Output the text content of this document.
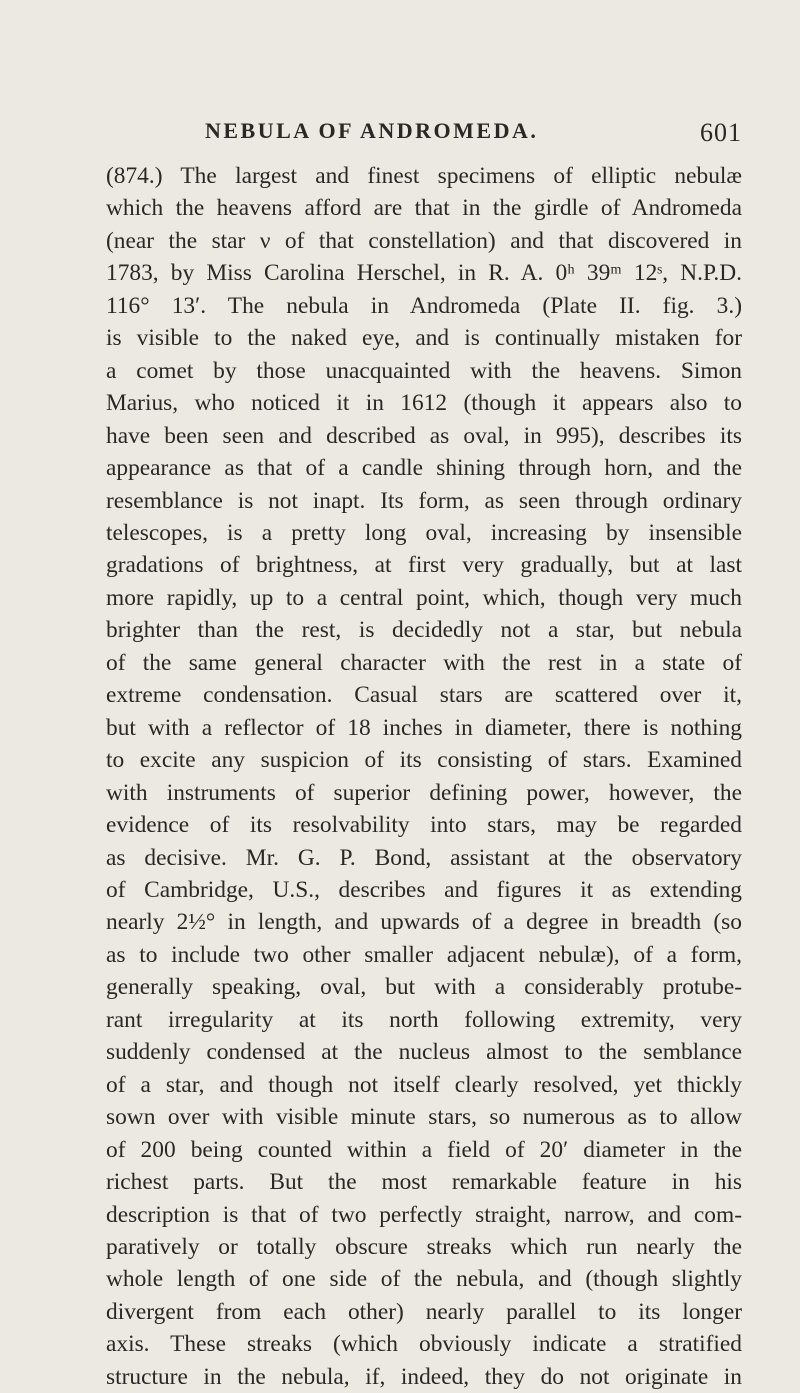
NEBULA OF ANDROMEDA.	601
(874.) The largest and finest specimens of elliptic nebulæ
which the heavens afford are that in the girdle of Andromeda
(near the star ν of that constellation) and that discovered in
1783, by Miss Carolina Herschel, in R. A. 0ʰ 39ᵐ 12ˢ, N.P.D.
116° 13′. The nebula in Andromeda (Plate II. fig. 3.)
is visible to the naked eye, and is continually mistaken for
a comet by those unacquainted with the heavens. Simon
Marius, who noticed it in 1612 (though it appears also to
have been seen and described as oval, in 995), describes its
appearance as that of a candle shining through horn, and the
resemblance is not inapt. Its form, as seen through ordinary
telescopes, is a pretty long oval, increasing by insensible
gradations of brightness, at first very gradually, but at last
more rapidly, up to a central point, which, though very much
brighter than the rest, is decidedly not a star, but nebula
of the same general character with the rest in a state of
extreme condensation. Casual stars are scattered over it,
but with a reflector of 18 inches in diameter, there is nothing
to excite any suspicion of its consisting of stars. Examined
with instruments of superior defining power, however, the
evidence of its resolvability into stars, may be regarded
as decisive. Mr. G. P. Bond, assistant at the observatory
of Cambridge, U.S., describes and figures it as extending
nearly 2½° in length, and upwards of a degree in breadth (so
as to include two other smaller adjacent nebulæ), of a form,
generally speaking, oval, but with a considerably protube-
rant irregularity at its north following extremity, very
suddenly condensed at the nucleus almost to the semblance
of a star, and though not itself clearly resolved, yet thickly
sown over with visible minute stars, so numerous as to allow
of 200 being counted within a field of 20′ diameter in the
richest parts. But the most remarkable feature in his
description is that of two perfectly straight, narrow, and com-
paratively or totally obscure streaks which run nearly the
whole length of one side of the nebula, and (though slightly
divergent from each other) nearly parallel to its longer
axis. These streaks (which obviously indicate a stratified
structure in the nebula, if, indeed, they do not originate in
